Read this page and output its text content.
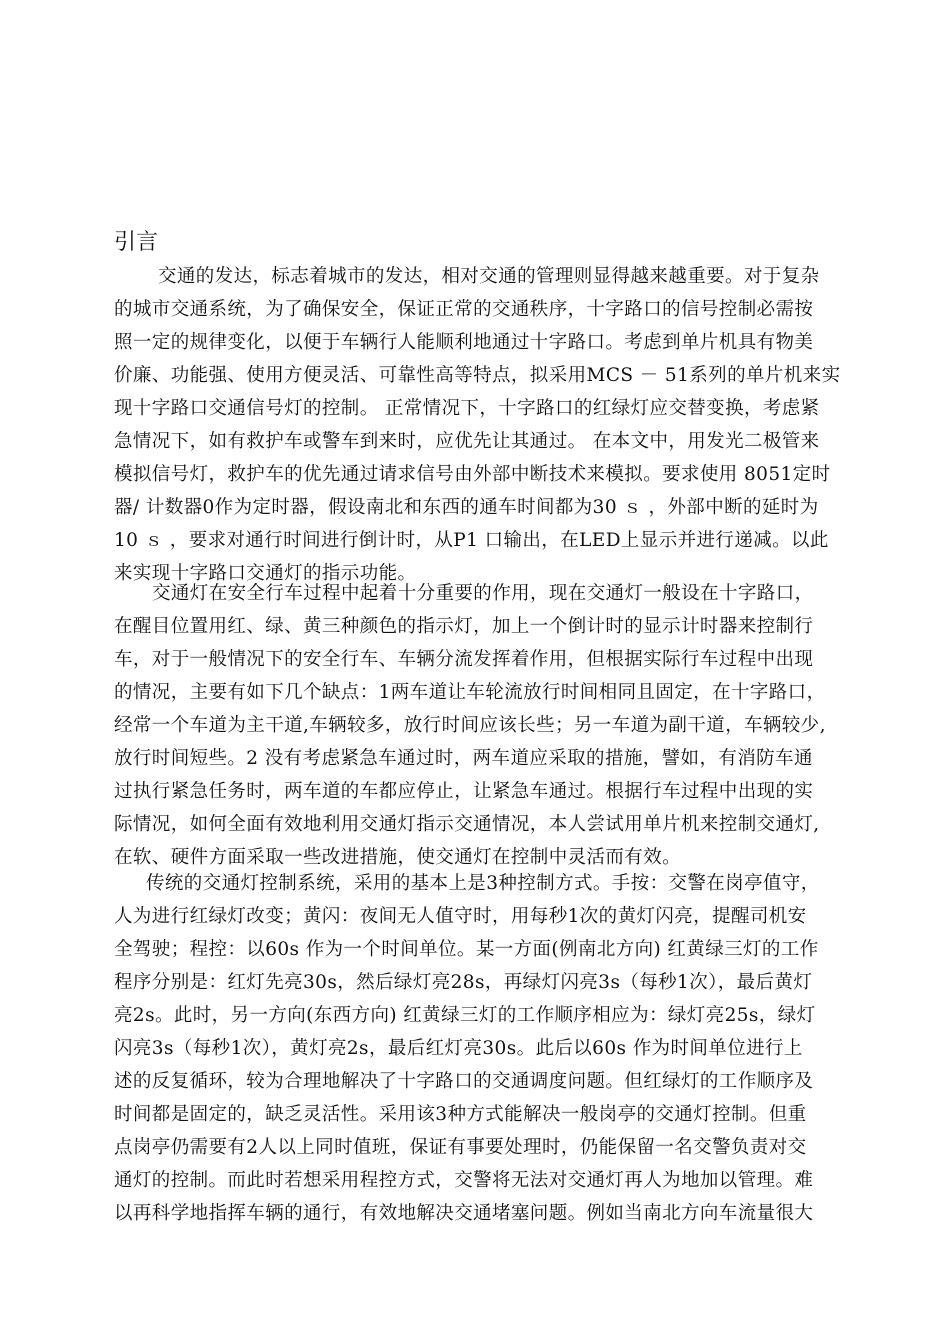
引言
交通的发达，标志着城市的发达，相对交通的管理则显得越来越重要。对于复杂
的城市交通系统，为了确保安全，保证正常的交通秩序，十字路口的信号控制必需按
照一定的规律变化，以便于车辆行人能顺利地通过十字路口。考虑到单片机具有物美
价廉、功能强、使用方便灵活、可靠性高等特点，拟采用MCS － 51系列的单片机来实
现十字路口交通信号灯的控制。 正常情况下，十字路口的红绿灯应交替变换，考虑紧
急情况下，如有救护车或警车到来时，应优先让其通过。 在本文中，用发光二极管来
模拟信号灯，救护车的优先通过请求信号由外部中断技术来模拟。要求使用 8051定时
器/ 计数器0作为定时器，假设南北和东西的通车时间都为30 ｓ ，外部中断的延时为
10 ｓ ，要求对通行时间进行倒计时，从P1 口输出，在LED上显示并进行递减。以此
来实现十字路口交通灯的指示功能。
交通灯在安全行车过程中起着十分重要的作用，现在交通灯一般设在十字路口，
在醒目位置用红、绿、黄三种颜色的指示灯，加上一个倒计时的显示计时器来控制行
车，对于一般情况下的安全行车、车辆分流发挥着作用，但根据实际行车过程中出现
的情况，主要有如下几个缺点：1两车道让车轮流放行时间相同且固定，在十字路口，
经常一个车道为主干道,车辆较多，放行时间应该长些；另一车道为副干道，车辆较少,
放行时间短些。2 没有考虑紧急车通过时，两车道应采取的措施，譬如，有消防车通
过执行紧急任务时，两车道的车都应停止，让紧急车通过。根据行车过程中出现的实
际情况，如何全面有效地利用交通灯指示交通情况，本人尝试用单片机来控制交通灯,
在软、硬件方面采取一些改进措施，使交通灯在控制中灵活而有效。
传统的交通灯控制系统，采用的基本上是3种控制方式。手按：交警在岗亭值守，
人为进行红绿灯改变；黄闪：夜间无人值守时，用每秒1次的黄灯闪亮，提醒司机安
全驾驶；程控：以60s 作为一个时间单位。某一方面(例南北方向) 红黄绿三灯的工作
程序分别是：红灯先亮30s，然后绿灯亮28s，再绿灯闪亮3s（每秒1次），最后黄灯
亮2s。此时，另一方向(东西方向) 红黄绿三灯的工作顺序相应为：绿灯亮25s，绿灯
闪亮3s（每秒1次），黄灯亮2s，最后红灯亮30s。此后以60s 作为时间单位进行上
述的反复循环，较为合理地解决了十字路口的交通调度问题。但红绿灯的工作顺序及
时间都是固定的，缺乏灵活性。采用该3种方式能解决一般岗亭的交通灯控制。但重
点岗亭仍需要有2人以上同时值班，保证有事要处理时，仍能保留一名交警负责对交
通灯的控制。而此时若想采用程控方式，交警将无法对交通灯再人为地加以管理。难
以再科学地指挥车辆的通行，有效地解决交通堵塞问题。例如当南北方向车流量很大
